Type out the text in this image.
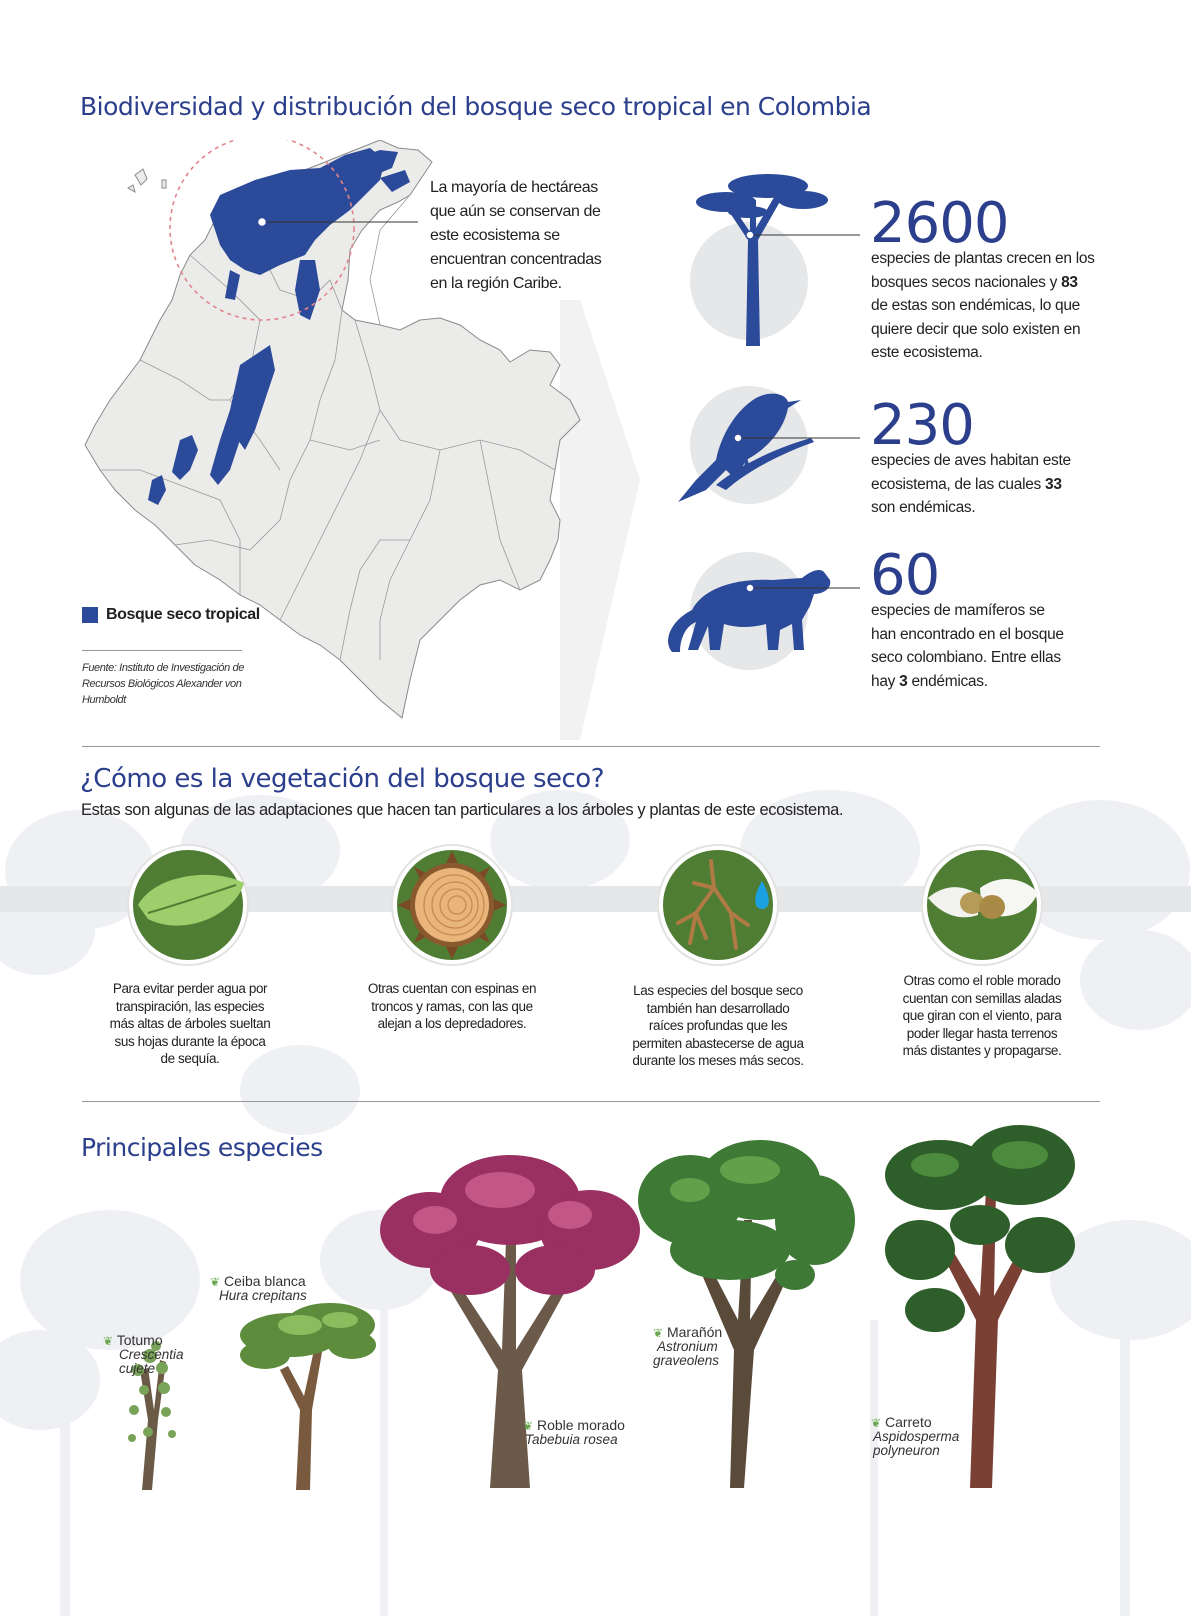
Biodiversidad y distribución del bosque seco tropical en Colombia
La mayoría de hectáreas
que aún se conservan de
este ecosistema se
encuentran concentradas
en la región Caribe.
Bosque seco tropical
Fuente: Instituto de Investigación de
Recursos Biológicos Alexander von
Humboldt
2600
especies de plantas crecen en los
bosques secos nacionales y 83
de estas son endémicas, lo que
quiere decir que solo existen en
este ecosistema.
230
especies de aves habitan este
ecosistema, de las cuales 33
son endémicas.
60
especies de mamíferos se
han encontrado en el bosque
seco colombiano. Entre ellas
hay 3 endémicas.
¿Cómo es la vegetación del bosque seco?
Estas son algunas de las adaptaciones que hacen tan particulares a los árboles y plantas de este ecosistema.
Para evitar perder agua por
transpiración, las especies
más altas de árboles sueltan
sus hojas durante la época
de sequía.
Otras cuentan con espinas en
troncos y ramas, con las que
alejan a los depredadores.
Las especies del bosque seco
también han desarrollado
raíces profundas que les
permiten abastecerse de agua
durante los meses más secos.
Otras como el roble morado
cuentan con semillas aladas
que giran con el viento, para
poder llegar hasta terrenos
más distantes y propagarse.
Principales especies
❦ Totumo
Crescentia
cujete
❦ Ceiba blanca
Hura crepitans
❦ Roble morado
Tabebuia rosea
❦ Marañón
Astronium
graveolens
❦ Carreto
Aspidosperma
polyneuron
